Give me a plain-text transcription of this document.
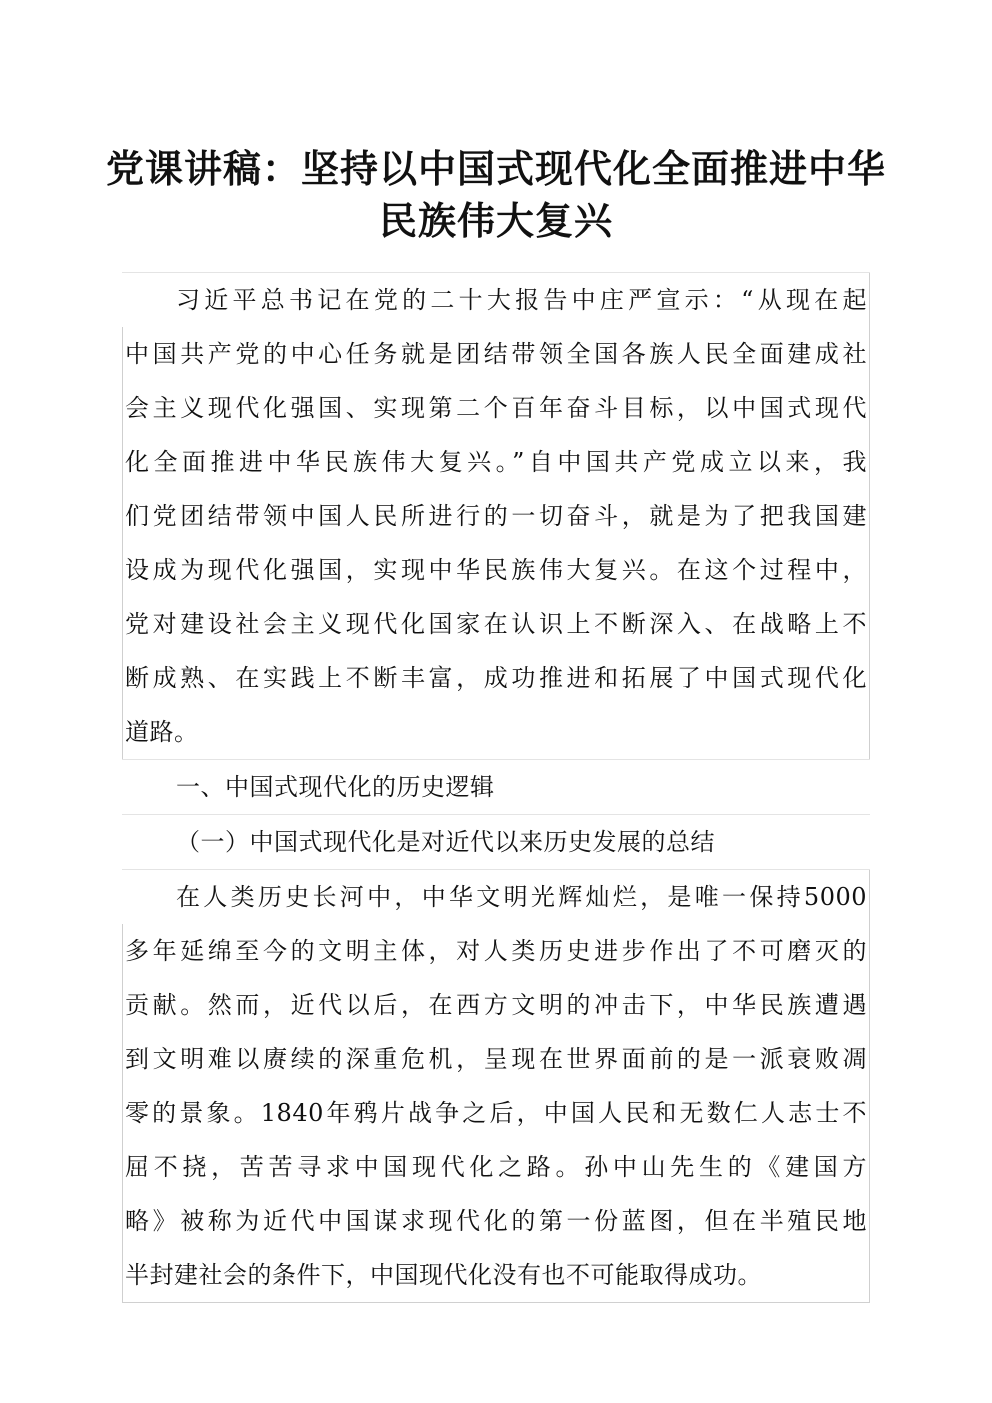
党课讲稿：坚持以中国式现代化全面推进中华
民族伟大复兴
习近平总书记在党的二十大报告中庄严宣示：“从现在起
中国共产党的中心任务就是团结带领全国各族人民全面建成社
会主义现代化强国、实现第二个百年奋斗目标，以中国式现代
化全面推进中华民族伟大复兴。”自中国共产党成立以来，我
们党团结带领中国人民所进行的一切奋斗，就是为了把我国建
设成为现代化强国，实现中华民族伟大复兴。在这个过程中，
党对建设社会主义现代化国家在认识上不断深入、在战略上不
断成熟、在实践上不断丰富，成功推进和拓展了中国式现代化
道路。
一、中国式现代化的历史逻辑
（一）中国式现代化是对近代以来历史发展的总结
在人类历史长河中，中华文明光辉灿烂，是唯一保持5000
多年延绵至今的文明主体，对人类历史进步作出了不可磨灭的
贡献。然而，近代以后，在西方文明的冲击下，中华民族遭遇
到文明难以赓续的深重危机，呈现在世界面前的是一派衰败凋
零的景象。1840年鸦片战争之后，中国人民和无数仁人志士不
屈不挠，苦苦寻求中国现代化之路。孙中山先生的《建国方
略》被称为近代中国谋求现代化的第一份蓝图，但在半殖民地
半封建社会的条件下，中国现代化没有也不可能取得成功。
